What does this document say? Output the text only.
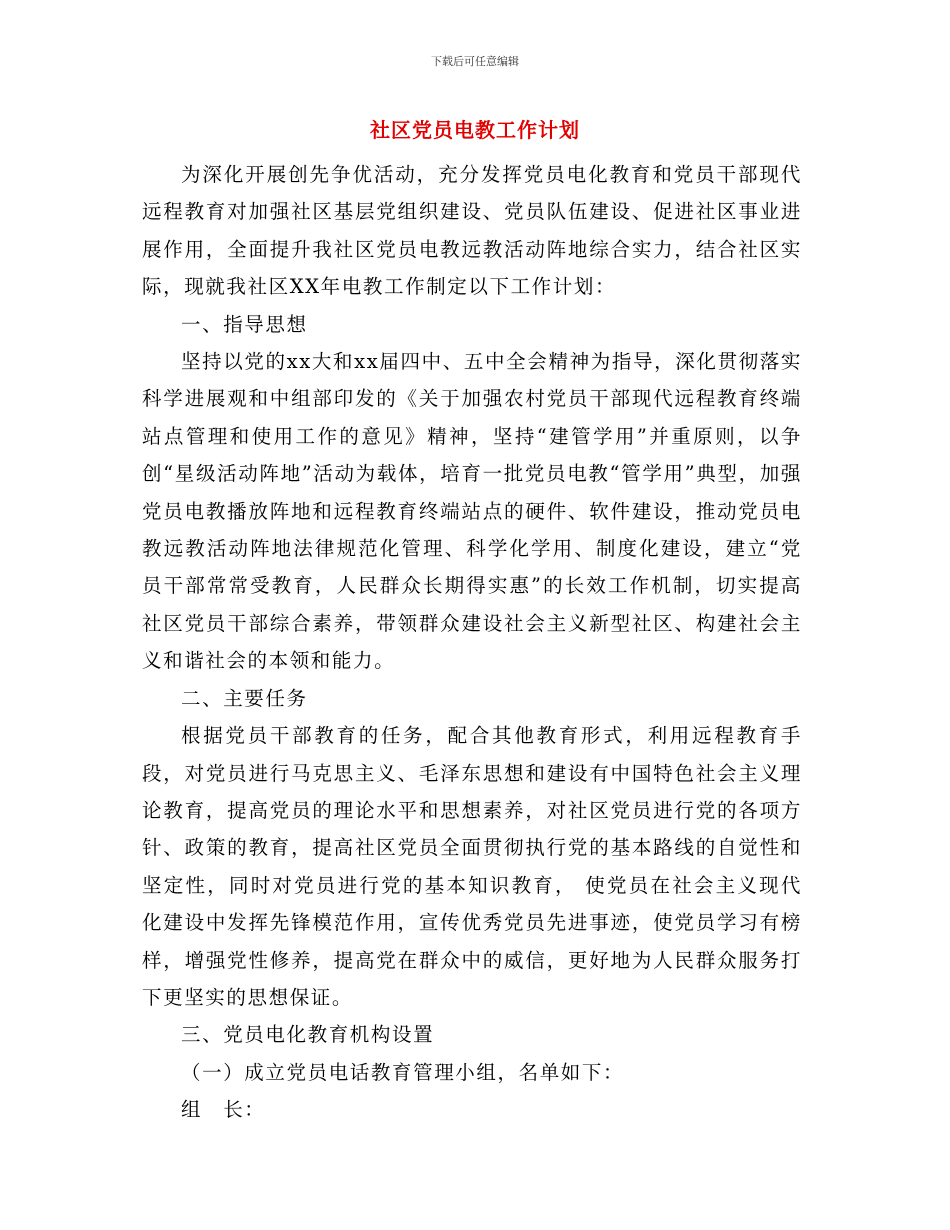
下载后可任意编辑
社区党员电教工作计划

为深化开展创先争优活动，充分发挥党员电化教育和党员干部现代远程教育对加强社区基层党组织建设、党员队伍建设、促进社区事业进展作用，全面提升我社区党员电教远教活动阵地综合实力，结合社区实际，现就我社区XX年电教工作制定以下工作计划：

一、指导思想

坚持以党的xx大和xx届四中、五中全会精神为指导，深化贯彻落实科学进展观和中组部印发的《关于加强农村党员干部现代远程教育终端站点管理和使用工作的意见》精神，坚持“建管学用”并重原则，以争创“星级活动阵地”活动为载体，培育一批党员电教“管学用”典型，加强党员电教播放阵地和远程教育终端站点的硬件、软件建设，推动党员电教远教活动阵地法律规范化管理、科学化学用、制度化建设，建立“党员干部常常受教育，人民群众长期得实惠”的长效工作机制，切实提高社区党员干部综合素养，带领群众建设社会主义新型社区、构建社会主义和谐社会的本领和能力。

二、主要任务

根据党员干部教育的任务，配合其他教育形式，利用远程教育手段，对党员进行马克思主义、毛泽东思想和建设有中国特色社会主义理论教育，提高党员的理论水平和思想素养，对社区党员进行党的各项方针、政策的教育，提高社区党员全面贯彻执行党的基本路线的自觉性和坚定性，同时对党员进行党的基本知识教育， 使党员在社会主义现代化建设中发挥先锋模范作用，宣传优秀党员先进事迹，使党员学习有榜样，增强党性修养，提高党在群众中的威信，更好地为人民群众服务打下更坚实的思想保证。

三、党员电化教育机构设置

（一）成立党员电话教育管理小组，名单如下：

组　长：
